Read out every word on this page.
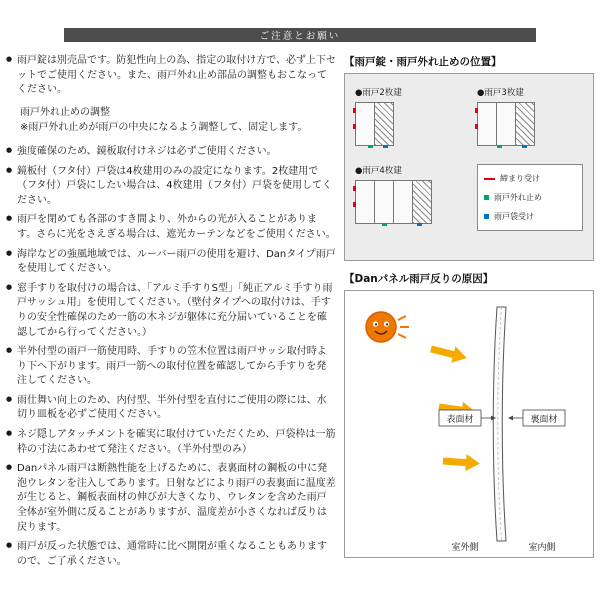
ご注意とお願い
● 雨戸錠は別売品です。防犯性向上の為、指定の取付け方で、必ず上下セットでご使用ください。また、雨戸外れ止め部品の調整もおこなってください。
雨戸外れ止めの調整
※雨戸外れ止めが雨戸の中央になるよう調整して、固定します。
● 強度確保のため、鏡板取付けネジは必ずご使用ください。
● 鏡板付（フタ付）戸袋は4枚建用のみの設定になります。2枚建用で（フタ付）戸袋にしたい場合は、4枚建用（フタ付）戸袋を使用してください。
● 雨戸を閉めても各部のすき間より、外からの光が入ることがあります。さらに光をさえぎる場合は、遮光カーテンなどをご使用ください。
● 海岸などの強風地域では、ルーバー雨戸の使用を避け、Danタイプ雨戸を使用してください。
● 窓手すりを取付けの場合は、「アルミ手すりS型」「純正アルミ手すり雨戸サッシュ用」を使用してください。（壁付タイプへの取付けは、手すりの安全性確保のため一筋の木ネジが躯体に充分届いていることを確認してから行ってください。）
● 半外付型の雨戸一筋使用時、手すりの笠木位置は雨戸サッシ取付時より下へ下がります。雨戸一筋への取付位置を確認してから手すりを発注してください。
● 雨仕舞い向上のため、内付型、半外付型を直付にご使用の際には、水切り皿板を必ずご使用ください。
● ネジ隠しアタッチメントを確実に取付けていただくため、戸袋枠は一筋枠の寸法にあわせて発注ください。（半外付型のみ）
● Danパネル雨戸は断熱性能を上げるために、表裏面材の鋼板の中に発泡ウレタンを注入してあります。日射などにより雨戸の表裏面に温度差が生じると、鋼板表面材の伸びが大きくなり、ウレタンを含めた雨戸全体が室外側に反ることがありますが、温度差が小さくなれば反りは戻ります。
● 雨戸が反った状態では、通常時に比べ開閉が重くなることもありますので、ご了承ください。
【雨戸錠・雨戸外れ止めの位置】
●雨戸2枚建	●雨戸3枚建
●雨戸4枚建
締まり受け
雨戸外れ止め
雨戸袋受け
【Danパネル雨戸反りの原因】
表面材	裏面材
室外側	室内側
